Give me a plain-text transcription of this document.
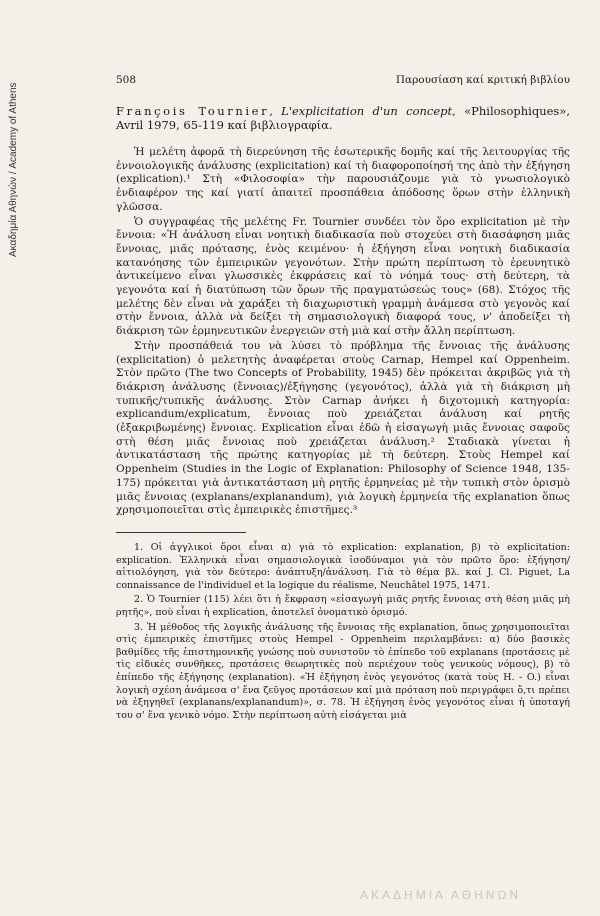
Ακαδημία Αθηνών / Academy of Athens
508	Παρουσίαση καί κριτική βιβλίου
François Tournier, L'explicitation d'un concept, «Philosophiques», Avril 1979, 65-119 καί βιβλιογραφία.

Ἡ μελέτη ἀφορᾶ τὴ διερεύνηση τῆς ἐσωτερικῆς δομῆς καί τῆς λειτουργίας τῆς ἐννοιολογικῆς ἀνάλυσης (explicitation) καί τὴ διαφοροποίησή της ἀπὸ τὴν ἐξήγηση (explication).¹ Στὴ «Φιλοσοφία» τὴν παρουσιάζουμε γιὰ τὸ γνωσιολογικὸ ἐνδιαφέρον της καί γιατί ἀπαιτεῖ προσπάθεια ἀπόδοσης ὅρων στὴν ἑλληνικὴ γλῶσσα.

Ὁ συγγραφέας τῆς μελέτης Fr. Tournier συνδέει τὸν ὅρο explicitation μὲ τὴν ἔννοια: «Ἡ ἀνάλυση εἶναι νοητικὴ διαδικασία ποὺ στοχεύει στὴ διασάφηση μιᾶς ἔννοιας, μιᾶς πρότασης, ἑνὸς κειμένου· ἡ ἐξήγηση εἶναι νοητικὴ διαδικασία κατανόησης τῶν ἐμπειρικῶν γεγονότων. Στὴν πρώτη περίπτωση τὸ ἐρευνητικὸ ἀντικείμενο εἶναι γλωσσικὲς ἐκφράσεις καί τὸ νόημά τους· στὴ δεύτερη, τὰ γεγονότα καί ἡ διατύπωση τῶν ὅρων τῆς πραγματώσεώς τους» (68). Στόχος τῆς μελέτης δὲν εἶναι νὰ χαράξει τὴ διαχωριστικὴ γραμμὴ ἀνάμεσα στὸ γεγονὸς καί στὴν ἔννοια, ἀλλὰ νὰ δείξει τὴ σημασιολογικὴ διαφορά τους, ν' ἀποδείξει τὴ διάκριση τῶν ἑρμηνευτικῶν ἐνεργειῶν στὴ μιὰ καί στὴν ἄλλη περίπτωση.

Στὴν προσπάθειά του νὰ λύσει τὸ πρόβλημα τῆς ἔννοιας τῆς ἀνάλυσης (explicitation) ὁ μελετητὴς ἀναφέρεται στοὺς Carnap, Hempel καί Oppenheim. Στὸν πρῶτο (The two Concepts of Probability, 1945) δὲν πρόκειται ἀκριβῶς γιὰ τὴ διάκριση ἀνάλυσης (ἔννοιας)/ἐξήγησης (γεγονότος), ἀλλὰ γιὰ τὴ διάκριση μὴ τυπικῆς/τυπικῆς ἀνάλυσης. Στὸν Carnap ἀνήκει ἡ διχοτομικὴ κατηγορία: explicandum/explicatum, ἔννοιας ποὺ χρειάζεται ἀνάλυση καί ρητῆς (ἐξακριβωμένης) ἔννοιας. Explication εἶναι ἐδῶ ἡ εἰσαγωγὴ μιᾶς ἔννοιας σαφοῦς στὴ θέση μιᾶς ἔννοιας ποὺ χρειάζεται ἀνάλυση.² Σταδιακὰ γίνεται ἡ ἀντικατάσταση τῆς πρώτης κατηγορίας μὲ τὴ δεύτερη. Στοὺς Hempel καί Oppenheim (Studies in the Logic of Explanation: Philosophy of Science 1948, 135-175) πρόκειται γιὰ ἀντικατάσταση μὴ ρητῆς ἑρμηνείας μὲ τὴν τυπικὴ στὸν ὁρισμὸ μιᾶς ἔννοιας (explanans/explanandum), γιὰ λογικὴ ἑρμηνεία τῆς explanation ὅπως χρησιμοποιεῖται στὶς ἐμπειρικὲς ἐπιστῆμες.³

1. Οἱ ἀγγλικοὶ ὅροι εἶναι α) γιὰ τὸ explication: explanation, β) τὸ explicitation: explication. Ἑλληνικὰ εἶναι σημασιολογικὰ ἰσοδύναμοι γιὰ τὸν πρῶτο ὅρο: ἐξήγηση/αἰτιολόγηση, γιὰ τὸν δεύτερο: ἀνάπτυξη/ἀνάλυση. Γιὰ τὸ θέμα βλ. καί J. Cl. Piguet, La connaissance de l'individuel et la logique du réalisme, Neuchâtel 1975, 1471.

2. Ὁ Tournier (115) λέει ὅτι ἡ ἔκφραση «εἰσαγωγὴ μιᾶς ρητῆς ἔννοιας στὴ θέση μιᾶς μὴ ρητῆς», ποὺ εἶναι ἡ explication, ἀποτελεῖ ὀνοματικὸ ὁρισμό.

3. Ἡ μέθοδος τῆς λογικῆς ἀνάλυσης τῆς ἔννοιας τῆς explanation, ὅπως χρησιμοποιεῖται στὶς ἐμπειρικὲς ἐπιστῆμες στοὺς Hempel - Oppenheim περιλαμβάνει: α) δύο βασικὲς βαθμίδες τῆς ἐπιστημονικῆς γνώσης ποὺ συνιστοῦν τὸ ἐπίπεδο τοῦ explanans (προτάσεις μὲ τὶς εἰδικὲς συνθῆκες, προτάσεις θεωρητικὲς ποὺ περιέχουν τοὺς γενικοὺς νόμους), β) τὸ ἐπίπεδο τῆς ἐξήγησης (explanation). «Ἡ ἐξήγηση ἑνὸς γεγονότος (κατὰ τοὺς H. - O.) εἶναι λογικὴ σχέση ἀνάμεσα σ' ἕνα ζεῦγος προτάσεων καί μιὰ πρόταση ποὺ περιγράφει ὅ,τι πρέπει νὰ ἐξηγηθεῖ (explanans/explanandum)», σ. 78. Ἡ ἐξήγηση ἑνὸς γεγονότος εἶναι ἡ ὑποταγή του σ' ἕνα γενικὸ νόμο. Στὴν περίπτωση αὐτὴ εἰσάγεται μιὰ

ΑΚΑΔΗΜΙΑ ΑΘΗΝΩΝ
